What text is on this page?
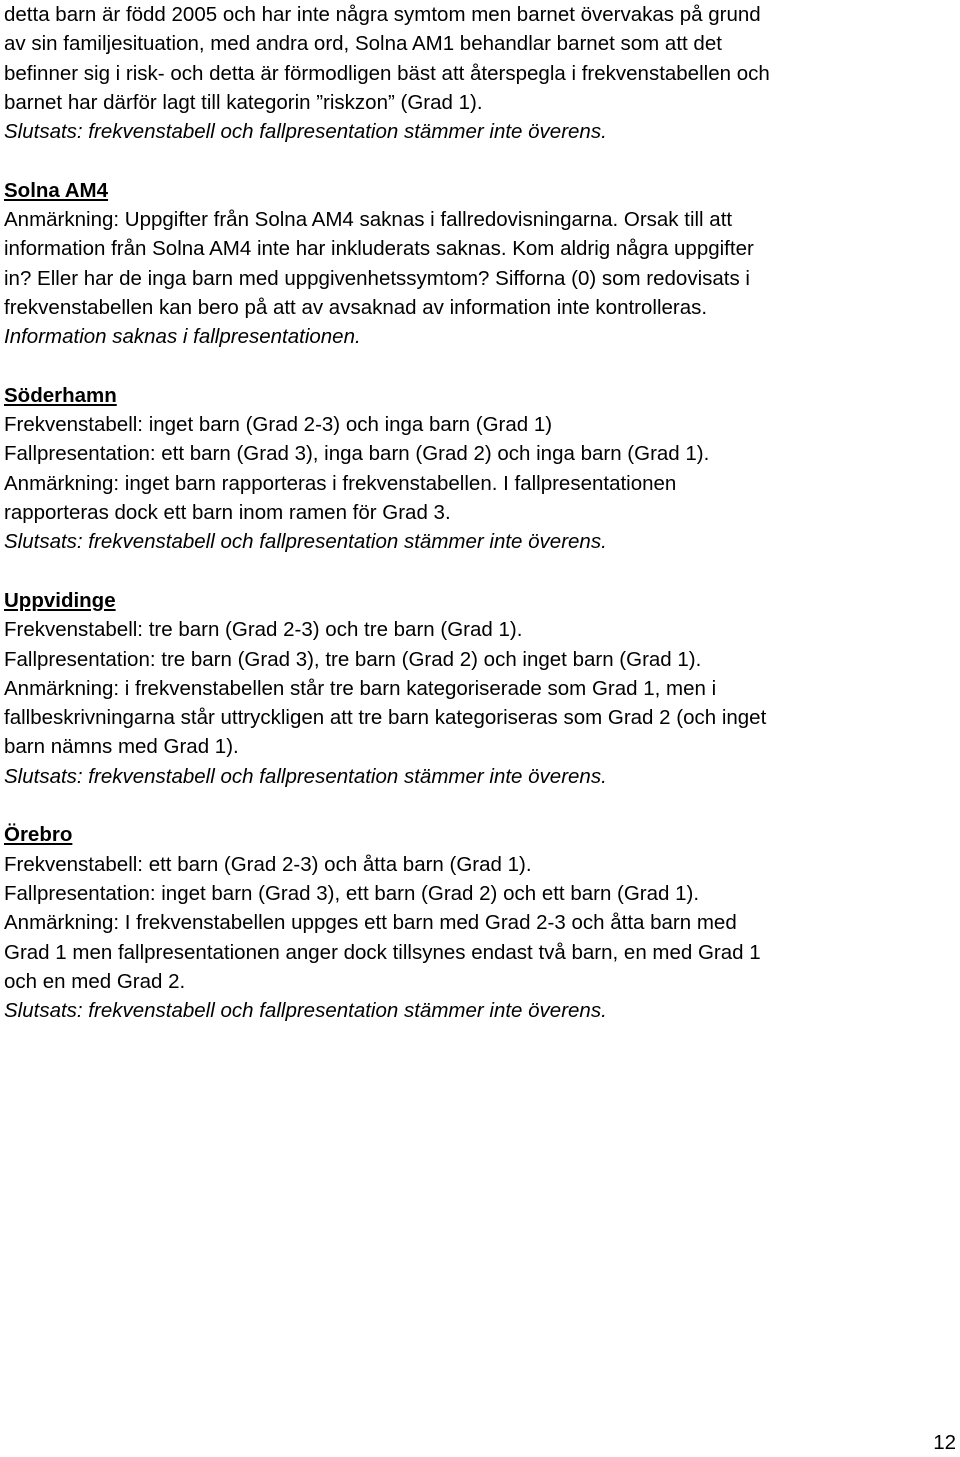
detta barn är född 2005 och har inte några symtom men barnet övervakas på grund
av sin familjesituation, med andra ord, Solna AM1 behandlar barnet som att det
befinner sig i risk- och detta är förmodligen bäst att återspegla i frekvenstabellen och
barnet har därför lagt till kategorin ”riskzon” (Grad 1).
Slutsats: frekvenstabell och fallpresentation stämmer inte överens.
Solna AM4
Anmärkning: Uppgifter från Solna AM4 saknas i fallredovisningarna. Orsak till att
information från Solna AM4 inte har inkluderats saknas. Kom aldrig några uppgifter
in? Eller har de inga barn med uppgivenhetssymtom? Sifforna (0) som redovisats i
frekvenstabellen kan bero på att av avsaknad av information inte kontrolleras.
Information saknas i fallpresentationen.
Söderhamn
Frekvenstabell: inget barn (Grad 2-3) och inga barn (Grad 1)
Fallpresentation: ett barn (Grad 3), inga barn (Grad 2) och inga barn (Grad 1).
Anmärkning: inget barn rapporteras i frekvenstabellen. I fallpresentationen
rapporteras dock ett barn inom ramen för Grad 3.
Slutsats: frekvenstabell och fallpresentation stämmer inte överens.
Uppvidinge
Frekvenstabell: tre barn (Grad 2-3) och tre barn (Grad 1).
Fallpresentation: tre barn (Grad 3), tre barn (Grad 2) och inget barn (Grad 1).
Anmärkning: i frekvenstabellen står tre barn kategoriserade som Grad 1, men i
fallbeskrivningarna står uttryckligen att tre barn kategoriseras som Grad 2 (och inget
barn nämns med Grad 1).
Slutsats: frekvenstabell och fallpresentation stämmer inte överens.
Örebro
Frekvenstabell: ett barn (Grad 2-3) och åtta barn (Grad 1).
Fallpresentation: inget barn (Grad 3), ett barn (Grad 2) och ett barn (Grad 1).
Anmärkning: I frekvenstabellen uppges ett barn med Grad 2-3 och åtta barn med
Grad 1 men fallpresentationen anger dock tillsynes endast två barn, en med Grad 1
och en med Grad 2.
Slutsats: frekvenstabell och fallpresentation stämmer inte överens.
12
